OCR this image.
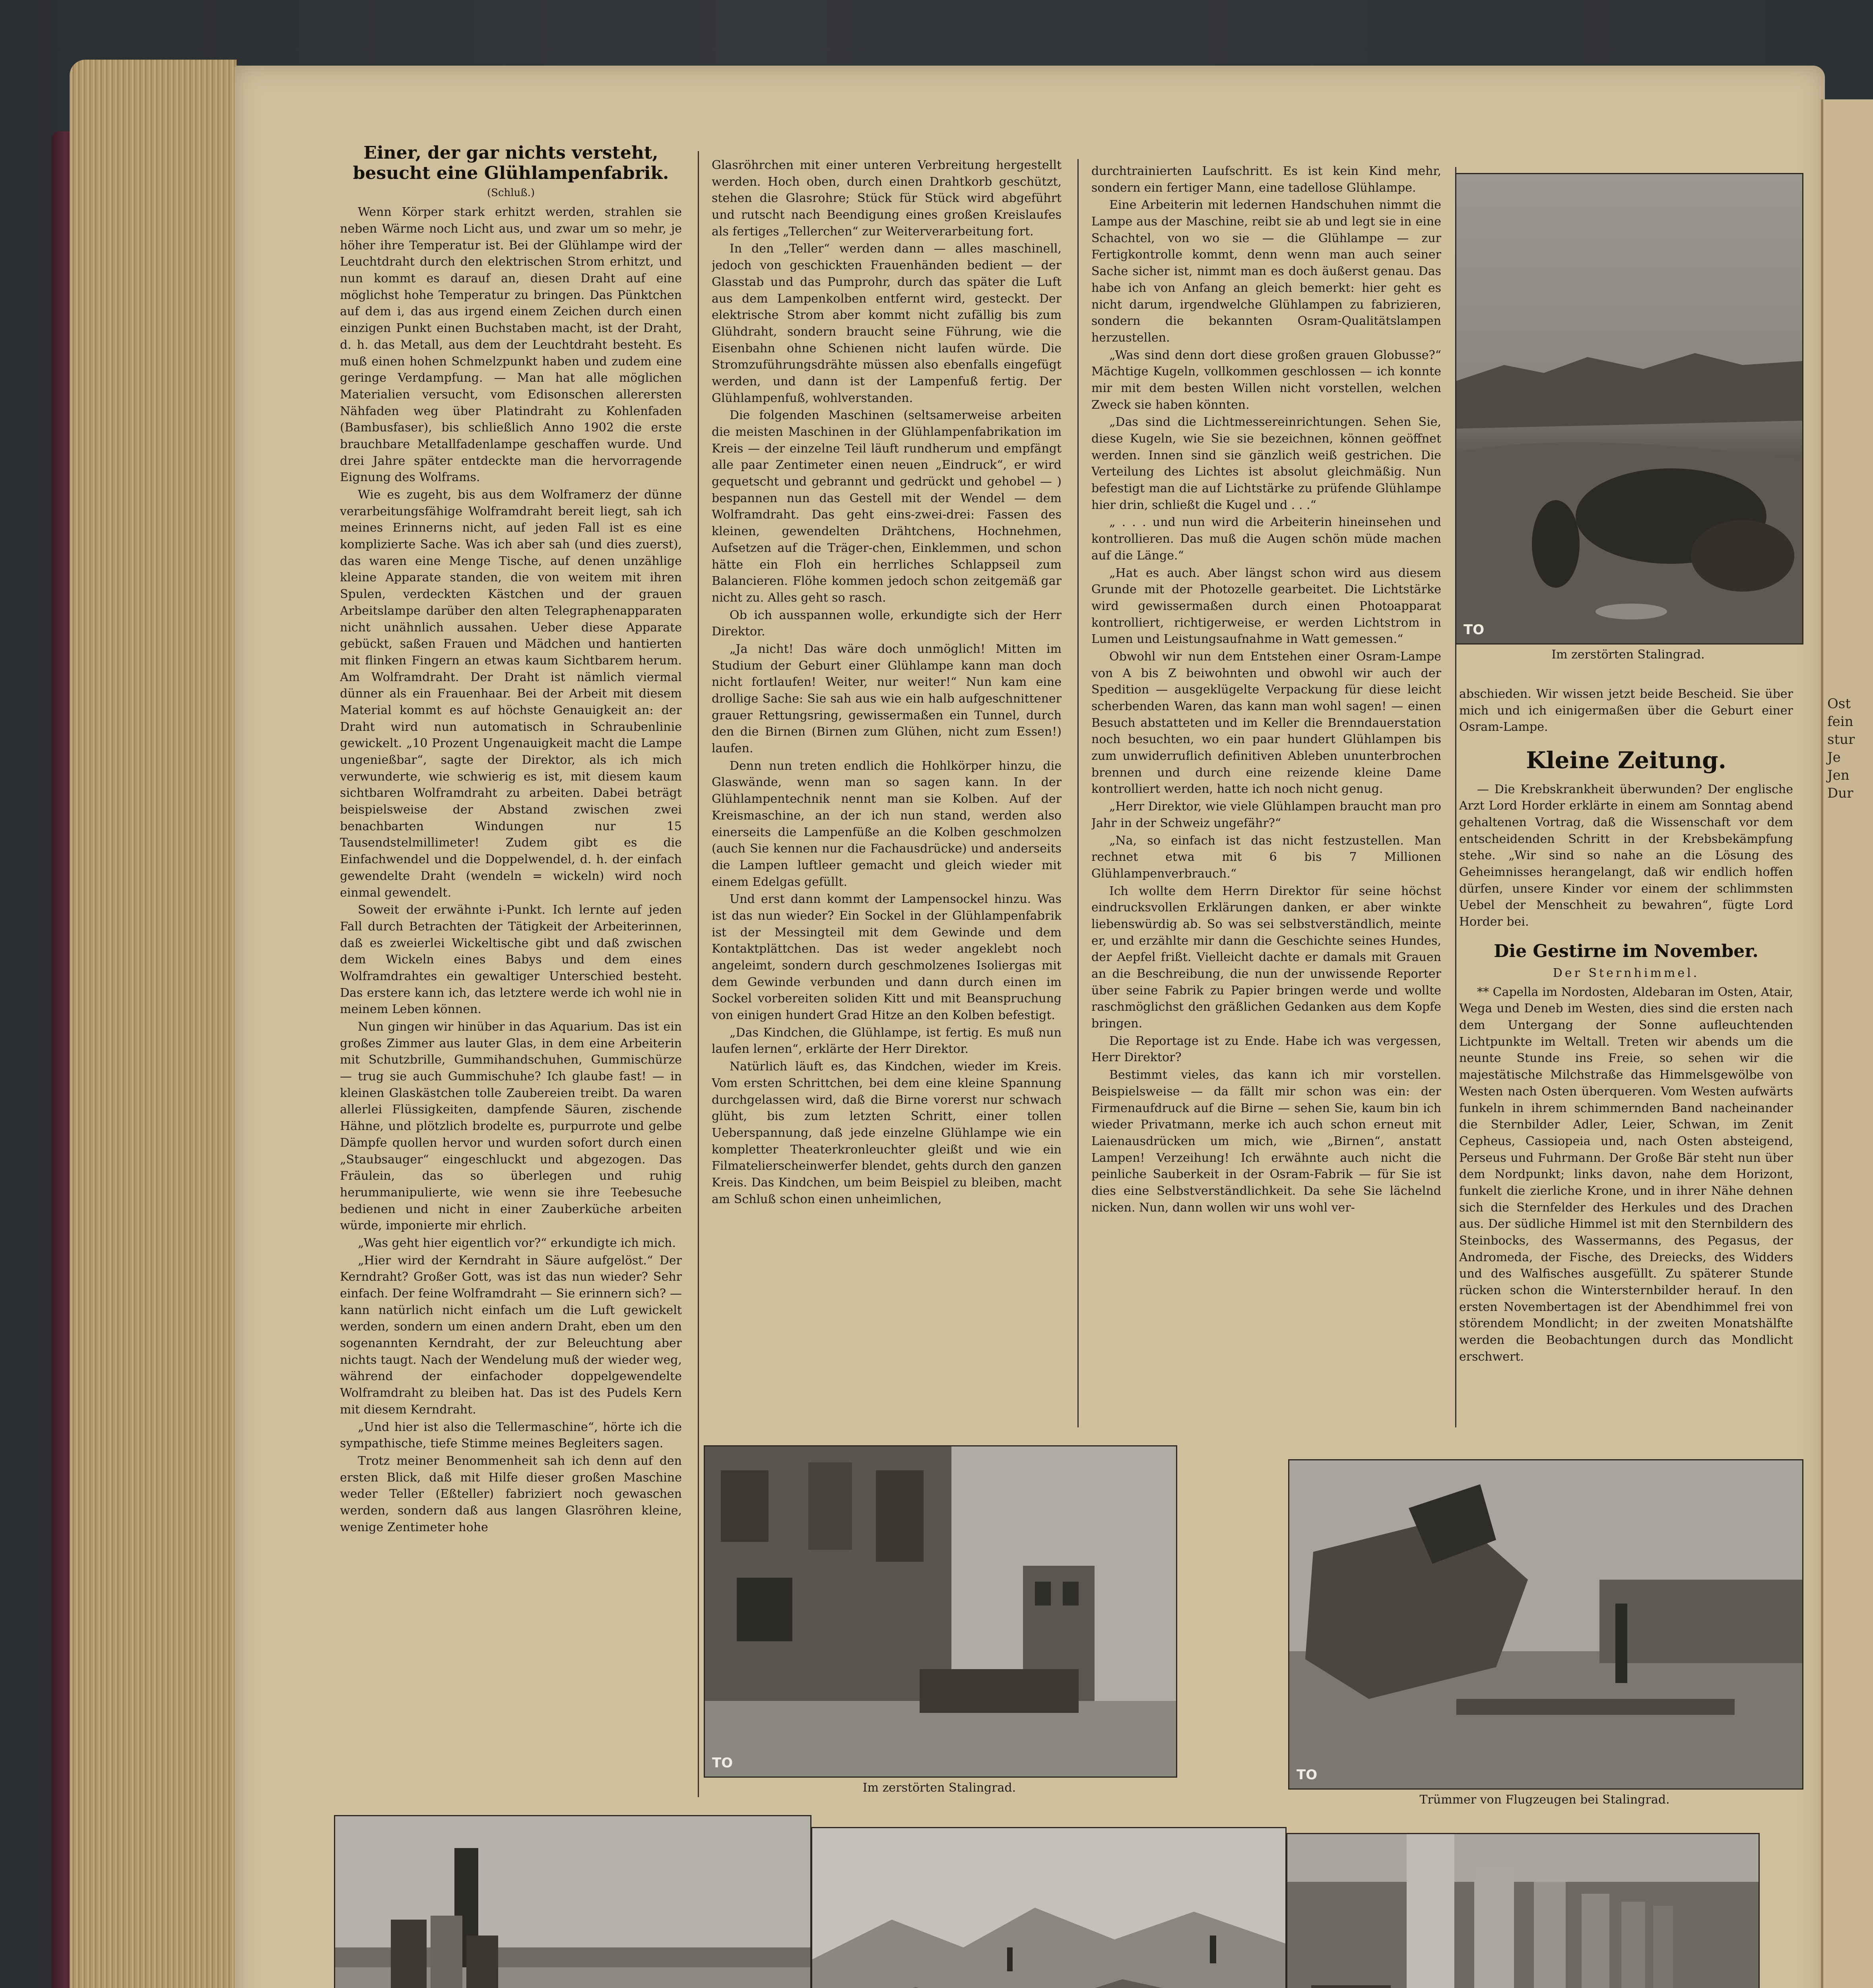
Ost
fein
stur
Je
Jen
Dur
Einer, der gar nichts versteht, besucht eine Glühlampenfabrik.
(Schluß.)

Wenn Körper stark erhitzt werden, strahlen sie neben Wärme noch Licht aus, und zwar um so mehr, je höher ihre Temperatur ist. Bei der Glühlampe wird der Leuchtdraht durch den elektrischen Strom erhitzt, und nun kommt es darauf an, diesen Draht auf eine möglichst hohe Temperatur zu bringen. Das Pünktchen auf dem i, das aus irgend einem Zeichen durch einen einzigen Punkt einen Buchstaben macht, ist der Draht, d. h. das Metall, aus dem der Leuchtdraht besteht. Es muß einen hohen Schmelzpunkt haben und zudem eine geringe Verdampfung. — Man hat alle möglichen Materialien versucht, vom Edisonschen allerersten Nähfaden weg über Platindraht zu Kohlenfaden (Bambusfaser), bis schließlich Anno 1902 die erste brauchbare Metallfadenlampe geschaffen wurde. Und drei Jahre später entdeckte man die hervorragende Eignung des Wolframs.

Wie es zugeht, bis aus dem Wolframerz der dünne verarbeitungsfähige Wolframdraht bereit liegt, sah ich meines Erinnerns nicht, auf jeden Fall ist es eine komplizierte Sache. Was ich aber sah (und dies zuerst), das waren eine Menge Tische, auf denen unzählige kleine Apparate standen, die von weitem mit ihren Spulen, verdeckten Kästchen und der grauen Arbeitslampe darüber den alten Telegraphenapparaten nicht unähnlich aussahen. Ueber diese Apparate gebückt, saßen Frauen und Mädchen und hantierten mit flinken Fingern an etwas kaum Sichtbarem herum. Am Wolframdraht. Der Draht ist nämlich viermal dünner als ein Frauenhaar. Bei der Arbeit mit diesem Material kommt es auf höchste Genauigkeit an: der Draht wird nun automatisch in Schraubenlinie gewickelt. „10 Prozent Ungenauigkeit macht die Lampe ungenießbar“, sagte der Direktor, als ich mich verwunderte, wie schwierig es ist, mit diesem kaum sichtbaren Wolframdraht zu arbeiten. Dabei beträgt beispielsweise der Abstand zwischen zwei benachbarten Windungen nur 15 Tausendstelmillimeter! Zudem gibt es die Einfachwendel und die Doppelwendel, d. h. der einfach gewendelte Draht (wendeln = wickeln) wird noch einmal gewendelt.

Soweit der erwähnte i-Punkt. Ich lernte auf jeden Fall durch Betrachten der Tätigkeit der Arbeiterinnen, daß es zweierlei Wickeltische gibt und daß zwischen dem Wickeln eines Babys und dem eines Wolframdrahtes ein gewaltiger Unterschied besteht. Das erstere kann ich, das letztere werde ich wohl nie in meinem Leben können.

Nun gingen wir hinüber in das Aquarium. Das ist ein großes Zimmer aus lauter Glas, in dem eine Arbeiterin mit Schutzbrille, Gummihandschuhen, Gummischürze — trug sie auch Gummischuhe? Ich glaube fast! — in kleinen Glaskästchen tolle Zaubereien treibt. Da waren allerlei Flüssigkeiten, dampfende Säuren, zischende Hähne, und plötzlich brodelte es, purpurrote und gelbe Dämpfe quollen hervor und wurden sofort durch einen „Staubsauger“ eingeschluckt und abgezogen. Das Fräulein, das so überlegen und ruhig herummanipulierte, wie wenn sie ihre Teebesuche bedienen und nicht in einer Zauberküche arbeiten würde, imponierte mir ehrlich.

„Was geht hier eigentlich vor?“ erkundigte ich mich.

„Hier wird der Kerndraht in Säure aufgelöst.“ Der Kerndraht? Großer Gott, was ist das nun wieder? Sehr einfach. Der feine Wolframdraht — Sie erinnern sich? — kann natürlich nicht einfach um die Luft gewickelt werden, sondern um einen andern Draht, eben um den sogenannten Kerndraht, der zur Beleuchtung aber nichts taugt. Nach der Wendelung muß der wieder weg, während der einfachoder doppelgewendelte Wolframdraht zu bleiben hat. Das ist des Pudels Kern mit diesem Kerndraht.

„Und hier ist also die Tellermaschine“, hörte ich die sympathische, tiefe Stimme meines Begleiters sagen.

Trotz meiner Benommenheit sah ich denn auf den ersten Blick, daß mit Hilfe dieser großen Maschine weder Teller (Eßteller) fabriziert noch gewaschen werden, sondern daß aus langen Glasröhren kleine, wenige Zentimeter hohe

Glasröhrchen mit einer unteren Verbreitung hergestellt werden. Hoch oben, durch einen Drahtkorb geschützt, stehen die Glasrohre; Stück für Stück wird abgeführt und rutscht nach Beendigung eines großen Kreislaufes als fertiges „Tellerchen“ zur Weiterverarbeitung fort.

In den „Teller“ werden dann — alles maschinell, jedoch von geschickten Frauenhänden bedient — der Glasstab und das Pumprohr, durch das später die Luft aus dem Lampenkolben entfernt wird, gesteckt. Der elektrische Strom aber kommt nicht zufällig bis zum Glühdraht, sondern braucht seine Führung, wie die Eisenbahn ohne Schienen nicht laufen würde. Die Stromzuführungsdrähte müssen also ebenfalls eingefügt werden, und dann ist der Lampenfuß fertig. Der Glühlampenfuß, wohlverstanden.

Die folgenden Maschinen (seltsamerweise arbeiten die meisten Maschinen in der Glühlampenfabrikation im Kreis — der einzelne Teil läuft rundherum und empfängt alle paar Zentimeter einen neuen „Eindruck“, er wird gequetscht und gebrannt und gedrückt und gehobel — ) bespannen nun das Gestell mit der Wendel — dem Wolframdraht. Das geht eins-zwei-drei: Fassen des kleinen, gewendelten Drähtchens, Hochnehmen, Aufsetzen auf die Träger-chen, Einklemmen, und schon hätte ein Floh ein herrliches Schlappseil zum Balancieren. Flöhe kommen jedoch schon zeitgemäß gar nicht zu. Alles geht so rasch.

Ob ich ausspannen wolle, erkundigte sich der Herr Direktor.

„Ja nicht! Das wäre doch unmöglich! Mitten im Studium der Geburt einer Glühlampe kann man doch nicht fortlaufen! Weiter, nur weiter!“ Nun kam eine drollige Sache: Sie sah aus wie ein halb aufgeschnittener grauer Rettungsring, gewissermaßen ein Tunnel, durch den die Birnen (Birnen zum Glühen, nicht zum Essen!) laufen.

Denn nun treten endlich die Hohlkörper hinzu, die Glaswände, wenn man so sagen kann. In der Glühlampentechnik nennt man sie Kolben. Auf der Kreismaschine, an der ich nun stand, werden also einerseits die Lampenfüße an die Kolben geschmolzen (auch Sie kennen nur die Fachausdrücke) und anderseits die Lampen luftleer gemacht und gleich wieder mit einem Edelgas gefüllt.

Und erst dann kommt der Lampensockel hinzu. Was ist das nun wieder? Ein Sockel in der Glühlampenfabrik ist der Messingteil mit dem Gewinde und dem Kontaktplättchen. Das ist weder angeklebt noch angeleimt, sondern durch geschmolzenes Isoliergas mit dem Gewinde verbunden und dann durch einen im Sockel vorbereiten soliden Kitt und mit Beanspruchung von einigen hundert Grad Hitze an den Kolben befestigt.

„Das Kindchen, die Glühlampe, ist fertig. Es muß nun laufen lernen“, erklärte der Herr Direktor.

Natürlich läuft es, das Kindchen, wieder im Kreis. Vom ersten Schrittchen, bei dem eine kleine Spannung durchgelassen wird, daß die Birne vorerst nur schwach glüht, bis zum letzten Schritt, einer tollen Ueberspannung, daß jede einzelne Glühlampe wie ein kompletter Theaterkronleuchter gleißt und wie ein Filmatelierscheinwerfer blendet, gehts durch den ganzen Kreis. Das Kindchen, um beim Beispiel zu bleiben, macht am Schluß schon einen unheimlichen,

durchtrainierten Laufschritt. Es ist kein Kind mehr, sondern ein fertiger Mann, eine tadellose Glühlampe.

Eine Arbeiterin mit ledernen Handschuhen nimmt die Lampe aus der Maschine, reibt sie ab und legt sie in eine Schachtel, von wo sie — die Glühlampe — zur Fertigkontrolle kommt, denn wenn man auch seiner Sache sicher ist, nimmt man es doch äußerst genau. Das habe ich von Anfang an gleich bemerkt: hier geht es nicht darum, irgendwelche Glühlampen zu fabrizieren, sondern die bekannten Osram-Qualitätslampen herzustellen.

„Was sind denn dort diese großen grauen Globusse?“ Mächtige Kugeln, vollkommen geschlossen — ich konnte mir mit dem besten Willen nicht vorstellen, welchen Zweck sie haben könnten.

„Das sind die Lichtmessereinrichtungen. Sehen Sie, diese Kugeln, wie Sie sie bezeichnen, können geöffnet werden. Innen sind sie gänzlich weiß gestrichen. Die Verteilung des Lichtes ist absolut gleichmäßig. Nun befestigt man die auf Lichtstärke zu prüfende Glühlampe hier drin, schließt die Kugel und . . .“

„ . . . und nun wird die Arbeiterin hineinsehen und kontrollieren. Das muß die Augen schön müde machen auf die Länge.“

„Hat es auch. Aber längst schon wird aus diesem Grunde mit der Photozelle gearbeitet. Die Lichtstärke wird gewissermaßen durch einen Photoapparat kontrolliert, richtigerweise, er werden Lichtstrom in Lumen und Leistungsaufnahme in Watt gemessen.“

Obwohl wir nun dem Entstehen einer Osram-Lampe von A bis Z beiwohnten und obwohl wir auch der Spedition — ausgeklügelte Verpackung für diese leicht scherbenden Waren, das kann man wohl sagen! — einen Besuch abstatteten und im Keller die Brenndauerstation noch besuchten, wo ein paar hundert Glühlampen bis zum unwiderruflich definitiven Ableben ununterbrochen brennen und durch eine reizende kleine Dame kontrolliert werden, hatte ich noch nicht genug.

„Herr Direktor, wie viele Glühlampen braucht man pro Jahr in der Schweiz ungefähr?“

„Na, so einfach ist das nicht festzustellen. Man rechnet etwa mit 6 bis 7 Millionen Glühlampenverbrauch.“

Ich wollte dem Herrn Direktor für seine höchst eindrucksvollen Erklärungen danken, er aber winkte liebenswürdig ab. So was sei selbstverständlich, meinte er, und erzählte mir dann die Geschichte seines Hundes, der Aepfel frißt. Vielleicht dachte er damals mit Grauen an die Beschreibung, die nun der unwissende Reporter über seine Fabrik zu Papier bringen werde und wollte raschmöglichst den gräßlichen Gedanken aus dem Kopfe bringen.

Die Reportage ist zu Ende. Habe ich was vergessen, Herr Direktor?

Bestimmt vieles, das kann ich mir vorstellen. Beispielsweise — da fällt mir schon was ein: der Firmenaufdruck auf die Birne — sehen Sie, kaum bin ich wieder Privatmann, merke ich auch schon erneut mit Laienausdrücken um mich, wie „Birnen“, anstatt Lampen! Verzeihung! Ich erwähnte auch nicht die peinliche Sauberkeit in der Osram-Fabrik — für Sie ist dies eine Selbstverständlichkeit. Da sehe Sie lächelnd nicken. Nun, dann wollen wir uns wohl ver-

TO
Im zerstörten Stalingrad.

abschieden. Wir wissen jetzt beide Bescheid. Sie über mich und ich einigermaßen über die Geburt einer Osram-Lampe.

Kleine Zeitung.

— Die Krebskrankheit überwunden? Der englische Arzt Lord Horder erklärte in einem am Sonntag abend gehaltenen Vortrag, daß die Wissenschaft vor dem entscheidenden Schritt in der Krebsbekämpfung stehe. „Wir sind so nahe an die Lösung des Geheimnisses herangelangt, daß wir endlich hoffen dürfen, unsere Kinder vor einem der schlimmsten Uebel der Menschheit zu bewahren“, fügte Lord Horder bei.

Die Gestirne im November.
Der Sternhimmel.

** Capella im Nordosten, Aldebaran im Osten, Atair, Wega und Deneb im Westen, dies sind die ersten nach dem Untergang der Sonne aufleuchtenden Lichtpunkte im Weltall. Treten wir abends um die neunte Stunde ins Freie, so sehen wir die majestätische Milchstraße das Himmelsgewölbe von Westen nach Osten überqueren. Vom Westen aufwärts funkeln in ihrem schimmernden Band nacheinander die Sternbilder Adler, Leier, Schwan, im Zenit Cepheus, Cassiopeia und, nach Osten absteigend, Perseus und Fuhrmann. Der Große Bär steht nun über dem Nordpunkt; links davon, nahe dem Horizont, funkelt die zierliche Krone, und in ihrer Nähe dehnen sich die Sternfelder des Herkules und des Drachen aus. Der südliche Himmel ist mit den Sternbildern des Steinbocks, des Wassermanns, des Pegasus, der Andromeda, der Fische, des Dreiecks, des Widders und des Walfisches ausgefüllt. Zu späterer Stunde rücken schon die Wintersternbilder herauf. In den ersten Novembertagen ist der Abendhimmel frei von störendem Mondlicht; in der zweiten Monatshälfte werden die Beobachtungen durch das Mondlicht erschwert.

TO
Im zerstörten Stalingrad.
TO
Trümmer von Flugzeugen bei Stalingrad.
